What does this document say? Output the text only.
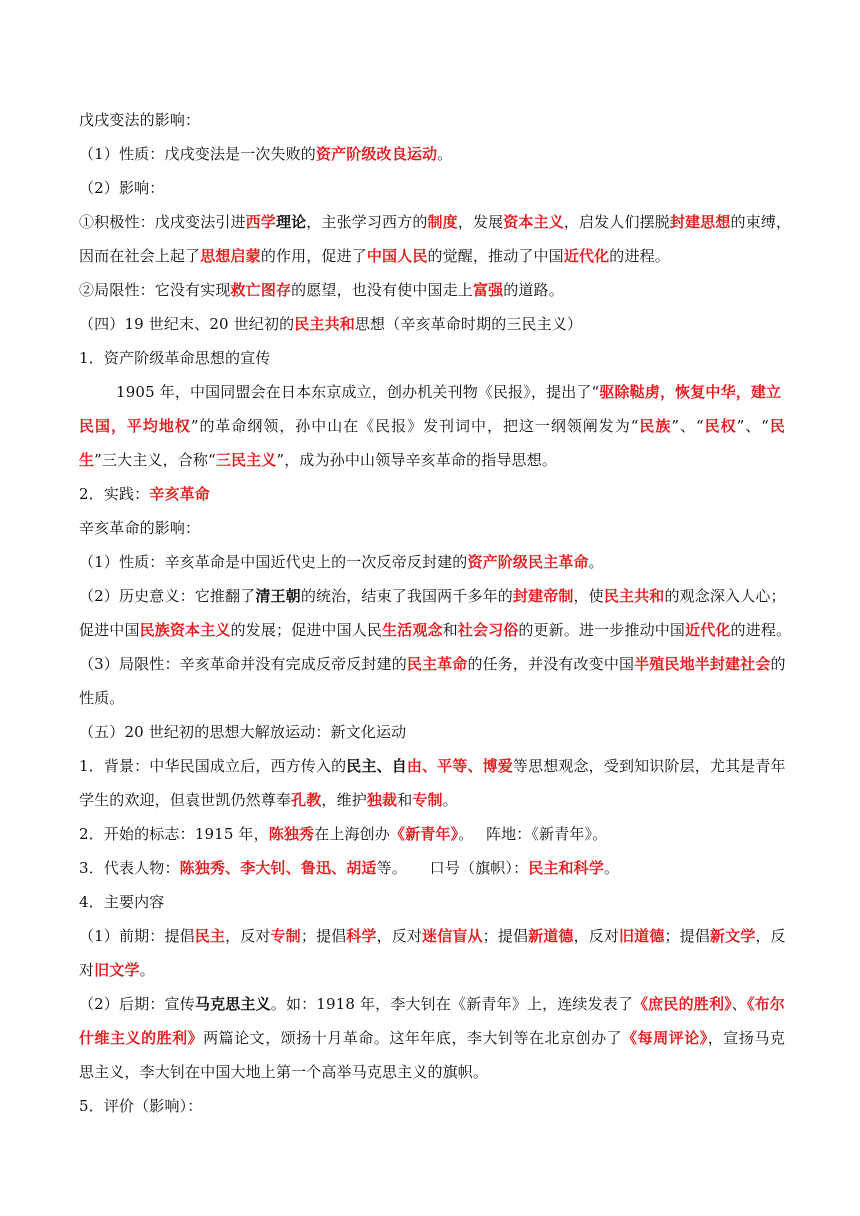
戊戌变法的影响：
（1）性质：戊戌变法是一次失败的资产阶级改良运动。
（2）影响：
①积极性：戊戌变法引进西学理论，主张学习西方的制度，发展资本主义，启发人们摆脱封建思想的束缚，
因而在社会上起了思想启蒙的作用，促进了中国人民的觉醒，推动了中国近代化的进程。
②局限性：它没有实现救亡图存的愿望，也没有使中国走上富强的道路。
（四）19 世纪末、20 世纪初的民主共和思想（辛亥革命时期的三民主义）
1．资产阶级革命思想的宣传
1905 年，中国同盟会在日本东京成立，创办机关刊物《民报》，提出了“驱除鞑虏，恢复中华，建立
民国，平均地权”的革命纲领，孙中山在《民报》发刊词中，把这一纲领阐发为“民族”、“民权”、“民
生”三大主义，合称“三民主义”，成为孙中山领导辛亥革命的指导思想。
2．实践：辛亥革命
辛亥革命的影响：
（1）性质：辛亥革命是中国近代史上的一次反帝反封建的资产阶级民主革命。
（2）历史意义：它推翻了清王朝的统治，结束了我国两千多年的封建帝制，使民主共和的观念深入人心；
促进中国民族资本主义的发展；促进中国人民生活观念和社会习俗的更新。进一步推动中国近代化的进程。
（3）局限性：辛亥革命并没有完成反帝反封建的民主革命的任务，并没有改变中国半殖民地半封建社会的
性质。
（五）20 世纪初的思想大解放运动：新文化运动
1．背景：中华民国成立后，西方传入的民主、自由、平等、博爱等思想观念，受到知识阶层，尤其是青年
学生的欢迎，但袁世凯仍然尊奉孔教，维护独裁和专制。
2．开始的标志：1915 年，陈独秀在上海创办《新青年》。　 阵地：《新青年》。
3．代表人物：陈独秀、李大钊、鲁迅、胡适等。　　口号（旗帜）：民主和科学。
4．主要内容
（1）前期：提倡民主，反对专制；提倡科学，反对迷信盲从；提倡新道德，反对旧道德；提倡新文学，反
对旧文学。
（2）后期：宣传马克思主义。如：1918 年，李大钊在《新青年》上，连续发表了《庶民的胜利》、《布尔
什维主义的胜利》两篇论文，颂扬十月革命。这年年底，李大钊等在北京创办了《每周评论》，宣扬马克
思主义，李大钊在中国大地上第一个高举马克思主义的旗帜。
5．评价（影响）：
